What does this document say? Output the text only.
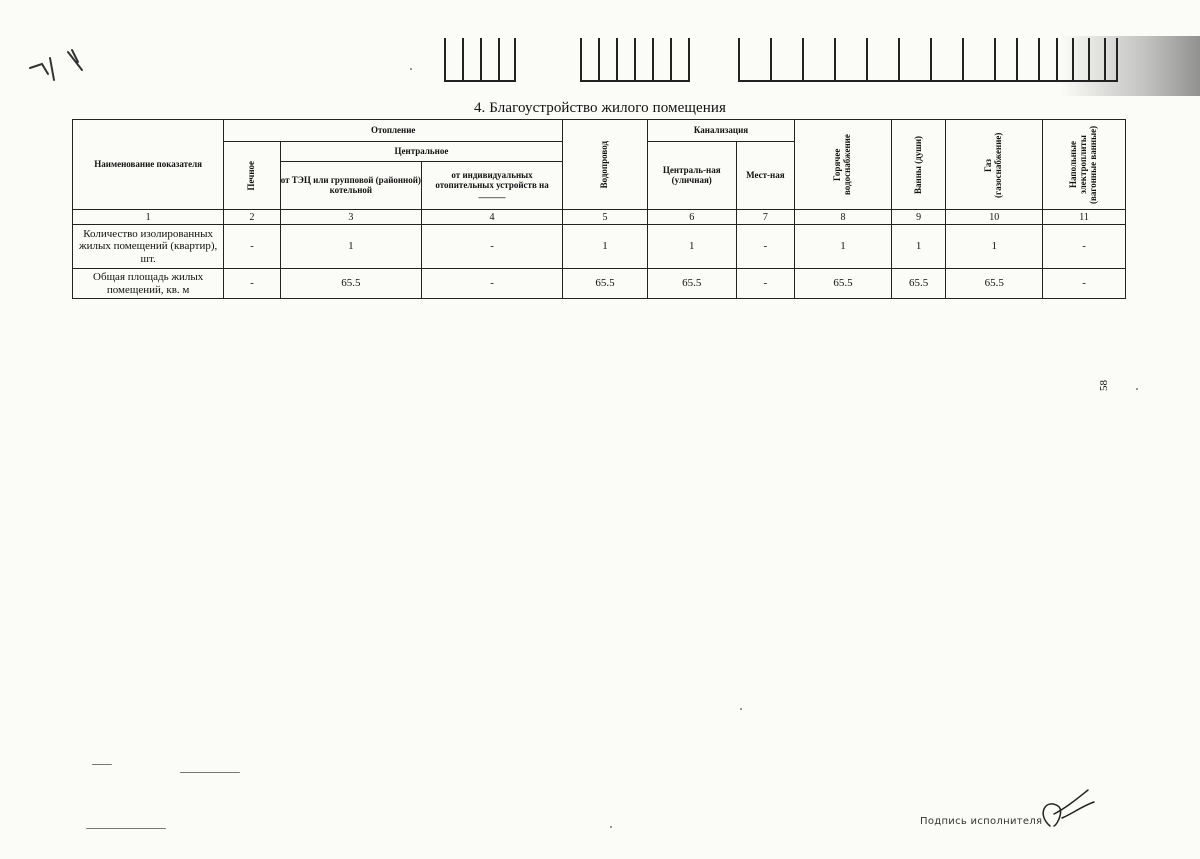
4. Благоустройство жилого помещения
Наименование показателя	Отопление			Водопровод	Канализация		Горячее водоснабжение	Ванны (души)	Газ (газоснабжение)	Напольные электроплиты (вагонные ванные)

	Печное	Центральное			Централь-ная (уличная)	Мест-ная				
		от ТЭЦ или групповой (районной) котельной	от индивидуальных отопительных устройств на ______							
1	2	3	4	5	6	7	8	9	10	11
Количество изолированных жилых помещений (квартир), шт.	-	1	-	1	1	-	1	1	1	-
Общая площадь жилых помещений, кв. м	-	65.5	-	65.5	65.5	-	65.5	65.5	65.5	-
58
Подпись исполнителя
